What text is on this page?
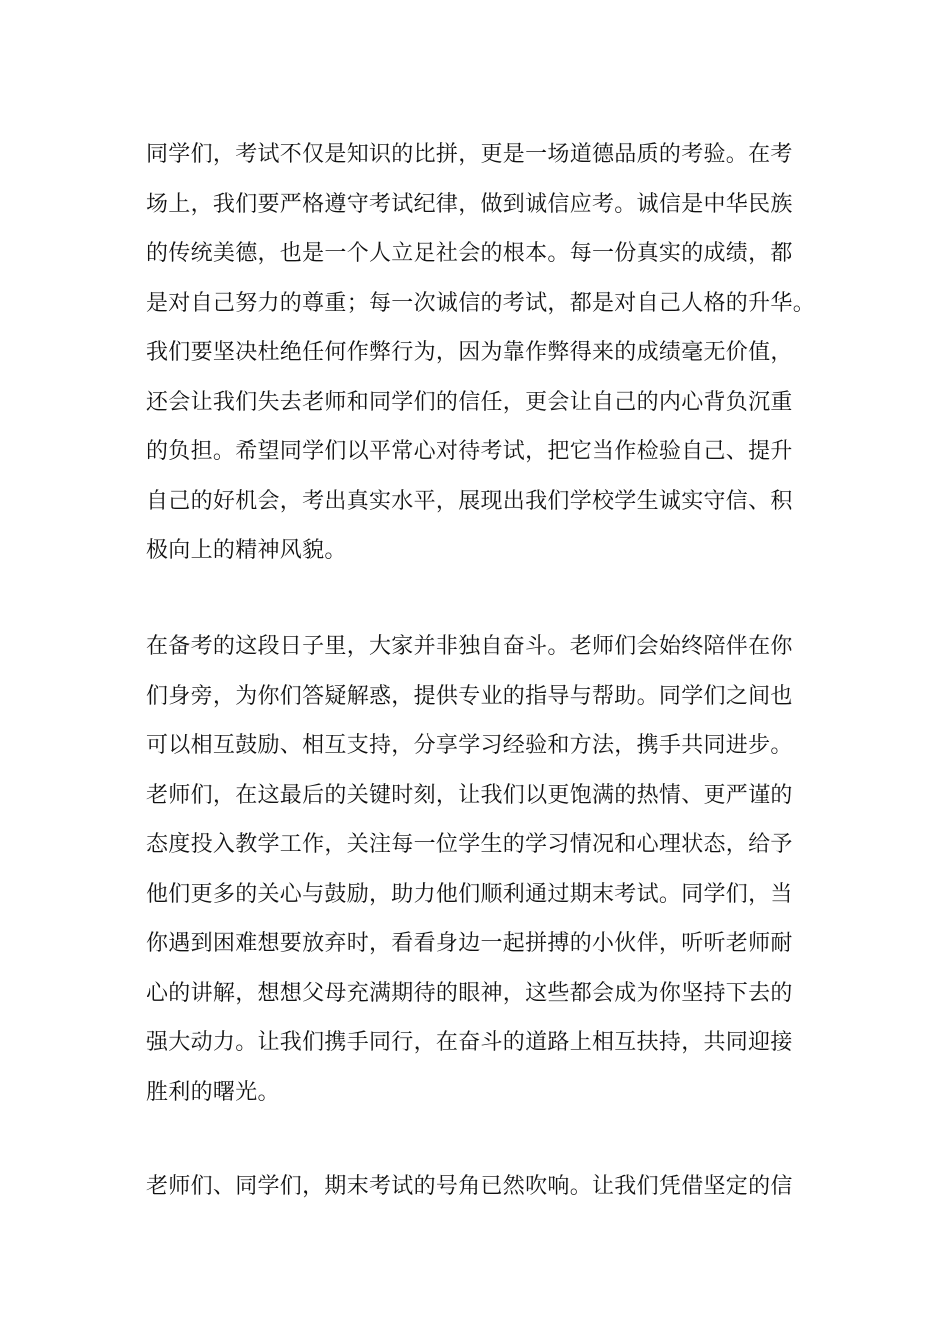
同学们，考试不仅是知识的比拼，更是一场道德品质的考验。在考
场上，我们要严格遵守考试纪律，做到诚信应考。诚信是中华民族
的传统美德，也是一个人立足社会的根本。每一份真实的成绩，都
是对自己努力的尊重；每一次诚信的考试，都是对自己人格的升华。
我们要坚决杜绝任何作弊行为，因为靠作弊得来的成绩毫无价值，
还会让我们失去老师和同学们的信任，更会让自己的内心背负沉重
的负担。希望同学们以平常心对待考试，把它当作检验自己、提升
自己的好机会，考出真实水平，展现出我们学校学生诚实守信、积
极向上的精神风貌。

在备考的这段日子里，大家并非独自奋斗。老师们会始终陪伴在你
们身旁，为你们答疑解惑，提供专业的指导与帮助。同学们之间也
可以相互鼓励、相互支持，分享学习经验和方法，携手共同进步。
老师们，在这最后的关键时刻，让我们以更饱满的热情、更严谨的
态度投入教学工作，关注每一位学生的学习情况和心理状态，给予
他们更多的关心与鼓励，助力他们顺利通过期末考试。同学们，当
你遇到困难想要放弃时，看看身边一起拼搏的小伙伴，听听老师耐
心的讲解，想想父母充满期待的眼神，这些都会成为你坚持下去的
强大动力。让我们携手同行，在奋斗的道路上相互扶持，共同迎接
胜利的曙光。

老师们、同学们，期末考试的号角已然吹响。让我们凭借坚定的信
